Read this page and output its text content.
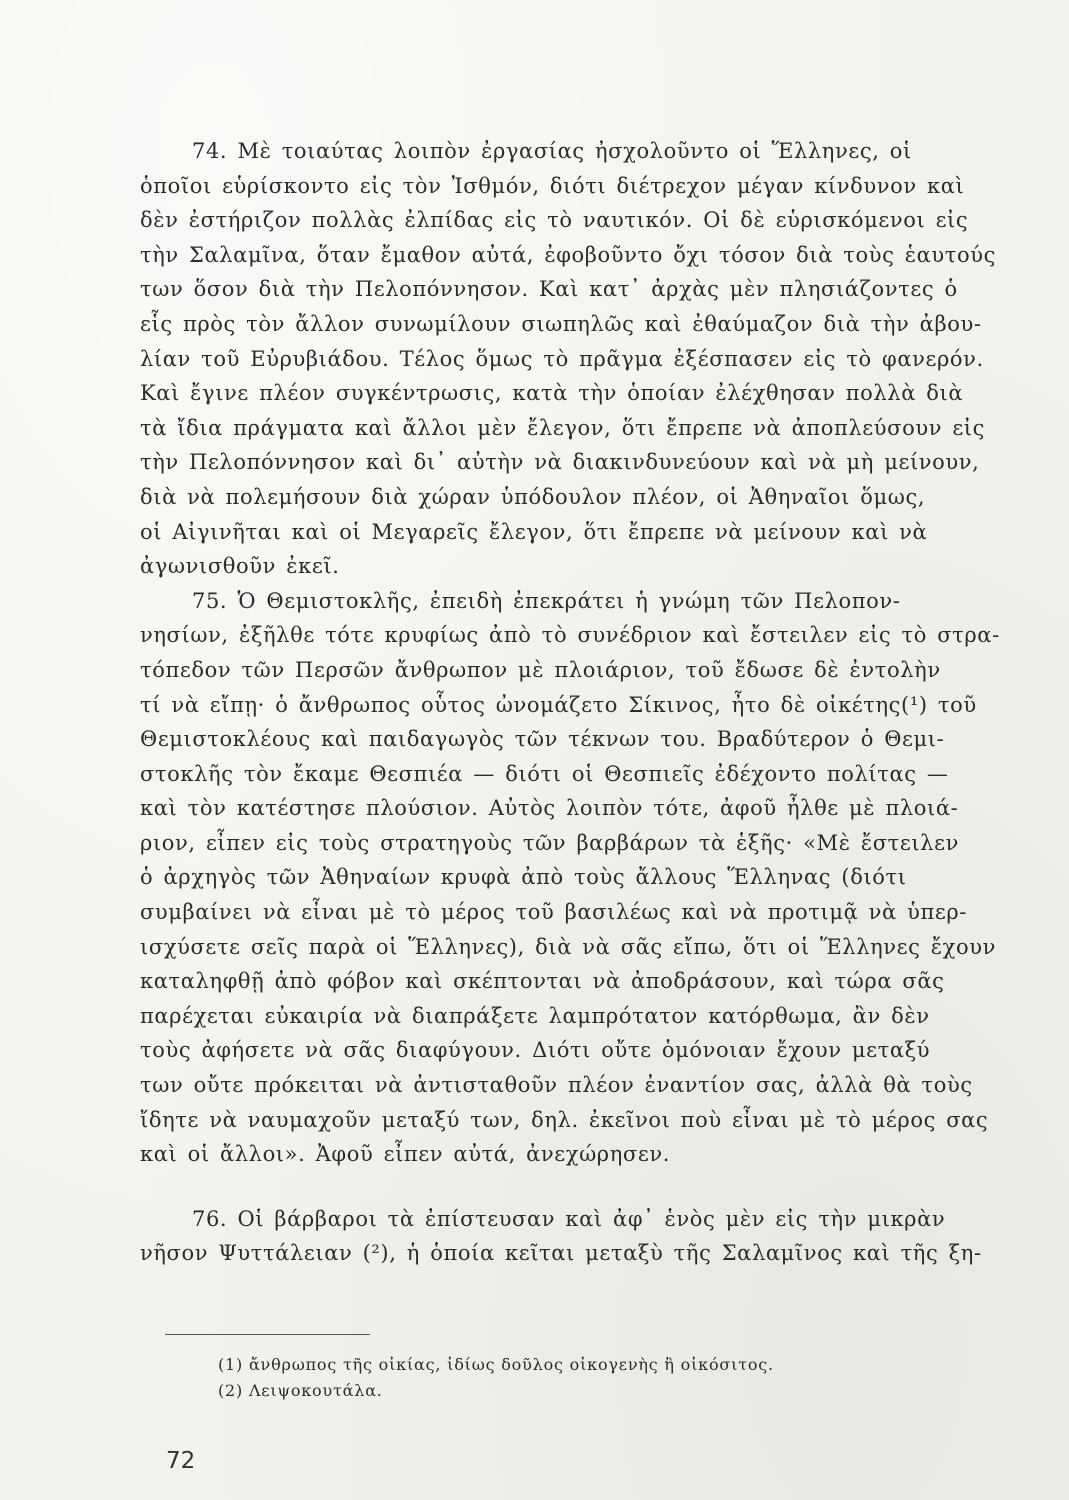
74. Μὲ τοιαύτας λοιπὸν ἐργασίας ἠσχολοῦντο οἱ Ἕλληνες, οἱ
ὁποῖοι εὑρίσκοντο εἰς τὸν Ἰσθμόν, διότι διέτρεχον μέγαν κίνδυνον καὶ
δὲν ἐστήριζον πολλὰς ἐλπίδας εἰς τὸ ναυτικόν. Οἱ δὲ εὑρισκόμενοι εἰς
τὴν Σαλαμῖνα, ὅταν ἔμαθον αὐτά, ἐφοβοῦντο ὄχι τόσον διὰ τοὺς ἑαυτούς
των ὅσον διὰ τὴν Πελοπόννησον. Καὶ κατ᾽ ἀρχὰς μὲν πλησιάζοντες ὁ
εἷς πρὸς τὸν ἄλλον συνωμίλουν σιωπηλῶς καὶ ἐθαύμαζον διὰ τὴν ἀβου-
λίαν τοῦ Εὐρυβιάδου. Τέλος ὅμως τὸ πρᾶγμα ἐξέσπασεν εἰς τὸ φανερόν.
Καὶ ἔγινε πλέον συγκέντρωσις, κατὰ τὴν ὁποίαν ἐλέχθησαν πολλὰ διὰ
τὰ ἴδια πράγματα καὶ ἄλλοι μὲν ἔλεγον, ὅτι ἔπρεπε νὰ ἀποπλεύσουν εἰς
τὴν Πελοπόννησον καὶ δι᾽ αὐτὴν νὰ διακινδυνεύουν καὶ νὰ μὴ μείνουν,
διὰ νὰ πολεμήσουν διὰ χώραν ὑπόδουλον πλέον, οἱ Ἀθηναῖοι ὅμως,
οἱ Αἰγινῆται καὶ οἱ Μεγαρεῖς ἔλεγον, ὅτι ἔπρεπε νὰ μείνουν καὶ νὰ
ἀγωνισθοῦν ἐκεῖ.
75. Ὁ Θεμιστοκλῆς, ἐπειδὴ ἐπεκράτει ἡ γνώμη τῶν Πελοπον-
νησίων, ἐξῆλθε τότε κρυφίως ἀπὸ τὸ συνέδριον καὶ ἔστειλεν εἰς τὸ στρα-
τόπεδον τῶν Περσῶν ἄνθρωπον μὲ πλοιάριον, τοῦ ἔδωσε δὲ ἐντολὴν
τί νὰ εἴπῃ· ὁ ἄνθρωπος οὗτος ὠνομάζετο Σίκινος, ἦτο δὲ οἰκέτης(¹) τοῦ
Θεμιστοκλέους καὶ παιδαγωγὸς τῶν τέκνων του. Βραδύτερον ὁ Θεμι-
στοκλῆς τὸν ἔκαμε Θεσπιέα — διότι οἱ Θεσπιεῖς ἐδέχοντο πολίτας —
καὶ τὸν κατέστησε πλούσιον. Αὐτὸς λοιπὸν τότε, ἀφοῦ ἦλθε μὲ πλοιά-
ριον, εἶπεν εἰς τοὺς στρατηγοὺς τῶν βαρβάρων τὰ ἑξῆς· «Μὲ ἔστειλεν
ὁ ἀρχηγὸς τῶν Ἀθηναίων κρυφὰ ἀπὸ τοὺς ἄλλους Ἕλληνας (διότι
συμβαίνει νὰ εἶναι μὲ τὸ μέρος τοῦ βασιλέως καὶ νὰ προτιμᾷ νὰ ὑπερ-
ισχύσετε σεῖς παρὰ οἱ Ἕλληνες), διὰ νὰ σᾶς εἴπω, ὅτι οἱ Ἕλληνες ἔχουν
καταληφθῇ ἀπὸ φόβον καὶ σκέπτονται νὰ ἀποδράσουν, καὶ τώρα σᾶς
παρέχεται εὐκαιρία νὰ διαπράξετε λαμπρότατον κατόρθωμα, ἂν δὲν
τοὺς ἀφήσετε νὰ σᾶς διαφύγουν. Διότι οὔτε ὁμόνοιαν ἔχουν μεταξύ
των οὔτε πρόκειται νὰ ἀντισταθοῦν πλέον ἐναντίον σας, ἀλλὰ θὰ τοὺς
ἴδητε νὰ ναυμαχοῦν μεταξύ των, δηλ. ἐκεῖνοι ποὺ εἶναι μὲ τὸ μέρος σας
καὶ οἱ ἄλλοι». Ἀφοῦ εἶπεν αὐτά, ἀνεχώρησεν.
76. Οἱ βάρβαροι τὰ ἐπίστευσαν καὶ ἀφ᾽ ἑνὸς μὲν εἰς τὴν μικρὰν
νῆσον Ψυττάλειαν (²), ἡ ὁποία κεῖται μεταξὺ τῆς Σαλαμῖνος καὶ τῆς ξη-
(1) ἄνθρωπος τῆς οἰκίας, ἰδίως δοῦλος οἰκογενὴς ἢ οἰκόσιτος.
(2) Λειψοκουτάλα.
72
